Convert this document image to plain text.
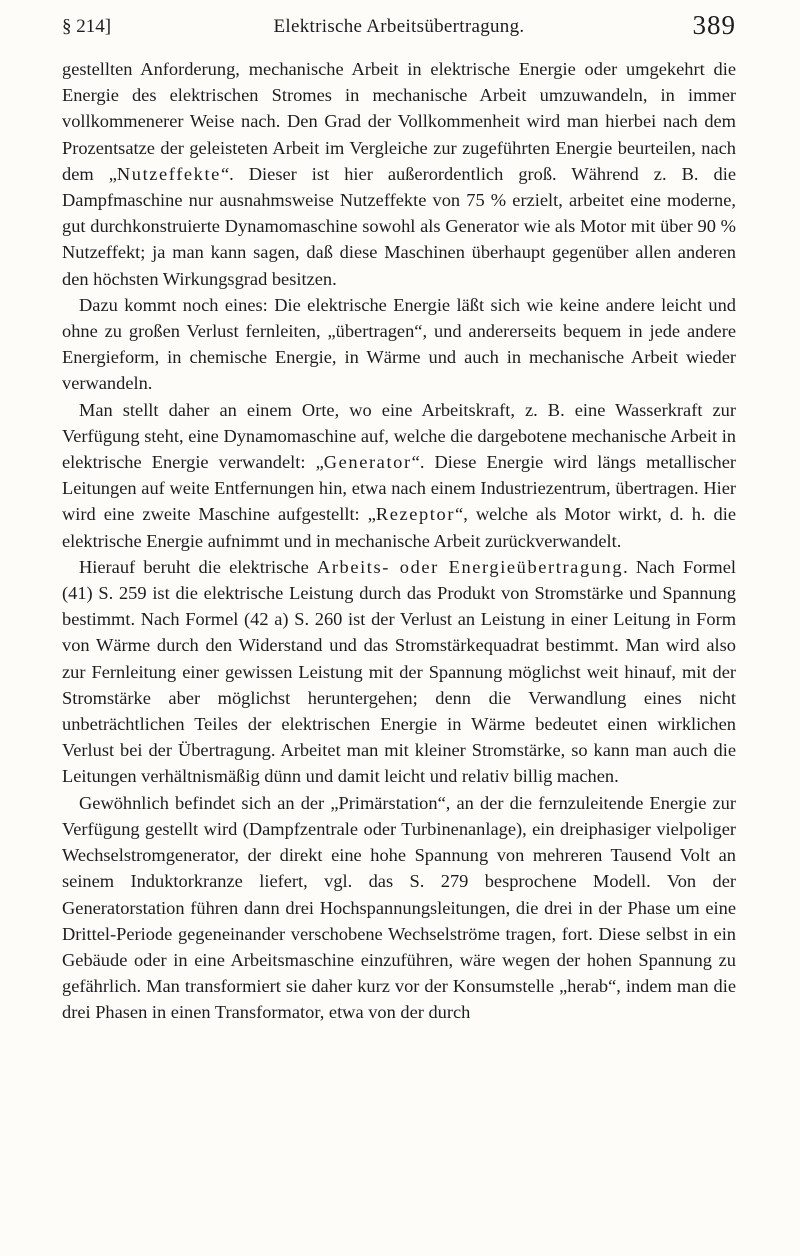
§ 214]	Elektrische Arbeitsübertragung.	389

gestellten Anforderung, mechanische Arbeit in elektrische Energie oder umgekehrt die Energie des elektrischen Stromes in mechanische Arbeit umzuwandeln, in immer vollkommenerer Weise nach. Den Grad der Vollkommenheit wird man hierbei nach dem Prozentsatze der geleisteten Arbeit im Vergleiche zur zugeführten Energie beurteilen, nach dem „Nutzeffekte“. Dieser ist hier außerordentlich groß. Während z. B. die Dampfmaschine nur ausnahmsweise Nutzeffekte von 75 % erzielt, arbeitet eine moderne, gut durchkonstruierte Dynamomaschine sowohl als Generator wie als Motor mit über 90 % Nutzeffekt; ja man kann sagen, daß diese Maschinen überhaupt gegenüber allen anderen den höchsten Wirkungsgrad besitzen.

Dazu kommt noch eines: Die elektrische Energie läßt sich wie keine andere leicht und ohne zu großen Verlust fernleiten, „übertragen“, und andererseits bequem in jede andere Energieform, in chemische Energie, in Wärme und auch in mechanische Arbeit wieder verwandeln.

Man stellt daher an einem Orte, wo eine Arbeitskraft, z. B. eine Wasserkraft zur Verfügung steht, eine Dynamomaschine auf, welche die dargebotene mechanische Arbeit in elektrische Energie verwandelt: „Generator“. Diese Energie wird längs metallischer Leitungen auf weite Entfernungen hin, etwa nach einem Industriezentrum, übertragen. Hier wird eine zweite Maschine aufgestellt: „Rezeptor“, welche als Motor wirkt, d. h. die elektrische Energie aufnimmt und in mechanische Arbeit zurückverwandelt.

Hierauf beruht die elektrische Arbeits- oder Energieübertragung. Nach Formel (41) S. 259 ist die elektrische Leistung durch das Produkt von Stromstärke und Spannung bestimmt. Nach Formel (42 a) S. 260 ist der Verlust an Leistung in einer Leitung in Form von Wärme durch den Widerstand und das Stromstärkequadrat bestimmt. Man wird also zur Fernleitung einer gewissen Leistung mit der Spannung möglichst weit hinauf, mit der Stromstärke aber möglichst heruntergehen; denn die Verwandlung eines nicht unbeträchtlichen Teiles der elektrischen Energie in Wärme bedeutet einen wirklichen Verlust bei der Übertragung. Arbeitet man mit kleiner Stromstärke, so kann man auch die Leitungen verhältnismäßig dünn und damit leicht und relativ billig machen.

Gewöhnlich befindet sich an der „Primärstation“, an der die fernzuleitende Energie zur Verfügung gestellt wird (Dampfzentrale oder Turbinenanlage), ein dreiphasiger vielpoliger Wechselstromgenerator, der direkt eine hohe Spannung von mehreren Tausend Volt an seinem Induktorkranze liefert, vgl. das S. 279 besprochene Modell. Von der Generatorstation führen dann drei Hochspannungsleitungen, die drei in der Phase um eine Drittel-Periode gegeneinander verschobene Wechselströme tragen, fort. Diese selbst in ein Gebäude oder in eine Arbeitsmaschine einzuführen, wäre wegen der hohen Spannung zu gefährlich. Man transformiert sie daher kurz vor der Konsumstelle „herab“, indem man die drei Phasen in einen Transformator, etwa von der durch
